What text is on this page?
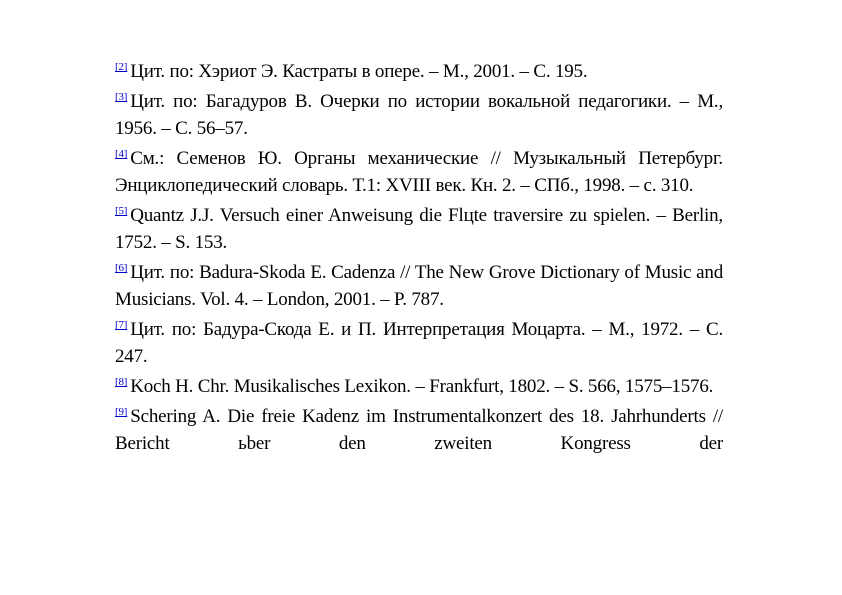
[2] Цит. по: Хэриот Э. Кастраты в опере. – М., 2001. – С. 195.

[3] Цит. по: Багадуров В. Очерки по истории вокальной педагогики. – М., 1956. – С. 56–57.

[4] См.: Семенов Ю. Органы механические // Музыкальный Петербург. Энциклопедический словарь. Т.1: XVIII век. Кн. 2. – СПб., 1998. – с. 310.

[5] Quantz J.J. Versuch einer Anweisung die Flцte traversire zu spielen. – Berlin, 1752. – S. 153.

[6] Цит. по: Badura-Skoda E. Cadenza // The New Grove Dictionary of Music and Musicians. Vol. 4. – London, 2001. – P. 787.

[7] Цит. по: Бадура-Скода Е. и П. Интерпретация Моцарта. – М., 1972. – С. 247.

[8] Koch H. Chr. Musikalisches Lexikon. – Frankfurt, 1802. – S. 566, 1575–1576.

[9] Schering A. Die freie Kadenz im Instrumentalkonzert des 18. Jahrhunderts // Bericht ьber den zweiten Kongress der
